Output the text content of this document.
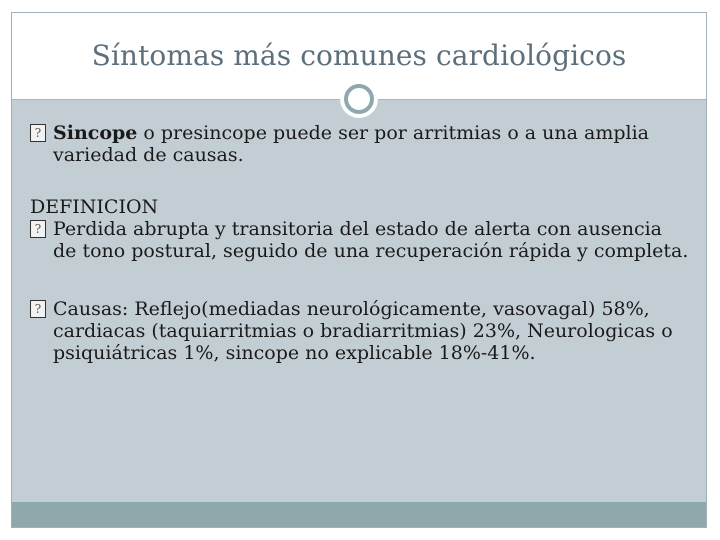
Síntomas más comunes cardiológicos
? Sincope o presincope puede ser por arritmias o a una amplia variedad de causas.
DEFINICION
? Perdida abrupta y transitoria del estado de alerta con ausencia de tono postural, seguido de una recuperación rápida y completa.
? Causas: Reflejo(mediadas neurológicamente, vasovagal) 58%, cardiacas (taquiarritmias o bradiarritmias) 23%, Neurologicas o psiquiátricas 1%, sincope no explicable 18%-41%.
